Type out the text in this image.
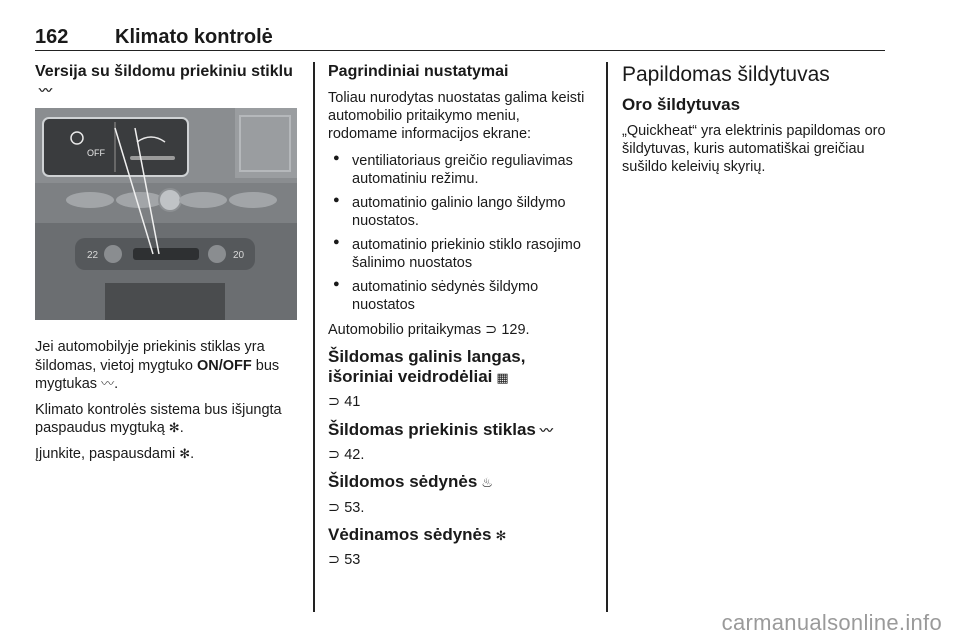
162 Klimato kontrolė
Versija su šildomu priekiniu stiklu〰
OFF
22	20

Jei automobilyje priekinis stiklas yra šildomas, vietoj mygtuko ON/OFF bus mygtukas 〰.

Klimato kontrolės sistema bus išjungta paspaudus mygtuką ✻.

Įjunkite, paspausdami ✻.

Pagrindiniai nustatymai

Toliau nurodytas nuostatas galima keisti automobilio pritaikymo meniu, rodomame informacijos ekrane:

● ventiliatoriaus greičio reguliavimas automatiniu režimu.
● automatinio galinio lango šildymo nuostatos.
● automatinio priekinio stiklo rasojimo šalinimo nuostatos
● automatinio sėdynės šildymo nuostatos

Automobilio pritaikymas ⊃ 129.

Šildomas galinis langas, išoriniai veidrodėliai ▦

⊃ 41

Šildomas priekinis stiklas 〰

⊃ 42.

Šildomos sėdynės ♨

⊃ 53.

Vėdinamos sėdynės ✻

⊃ 53

Papildomas šildytuvas
Oro šildytuvas

„Quickheat“ yra elektrinis papildomas oro šildytuvas, kuris automatiškai greičiau sušildo keleivių skyrių.

carmanualsonline.info
